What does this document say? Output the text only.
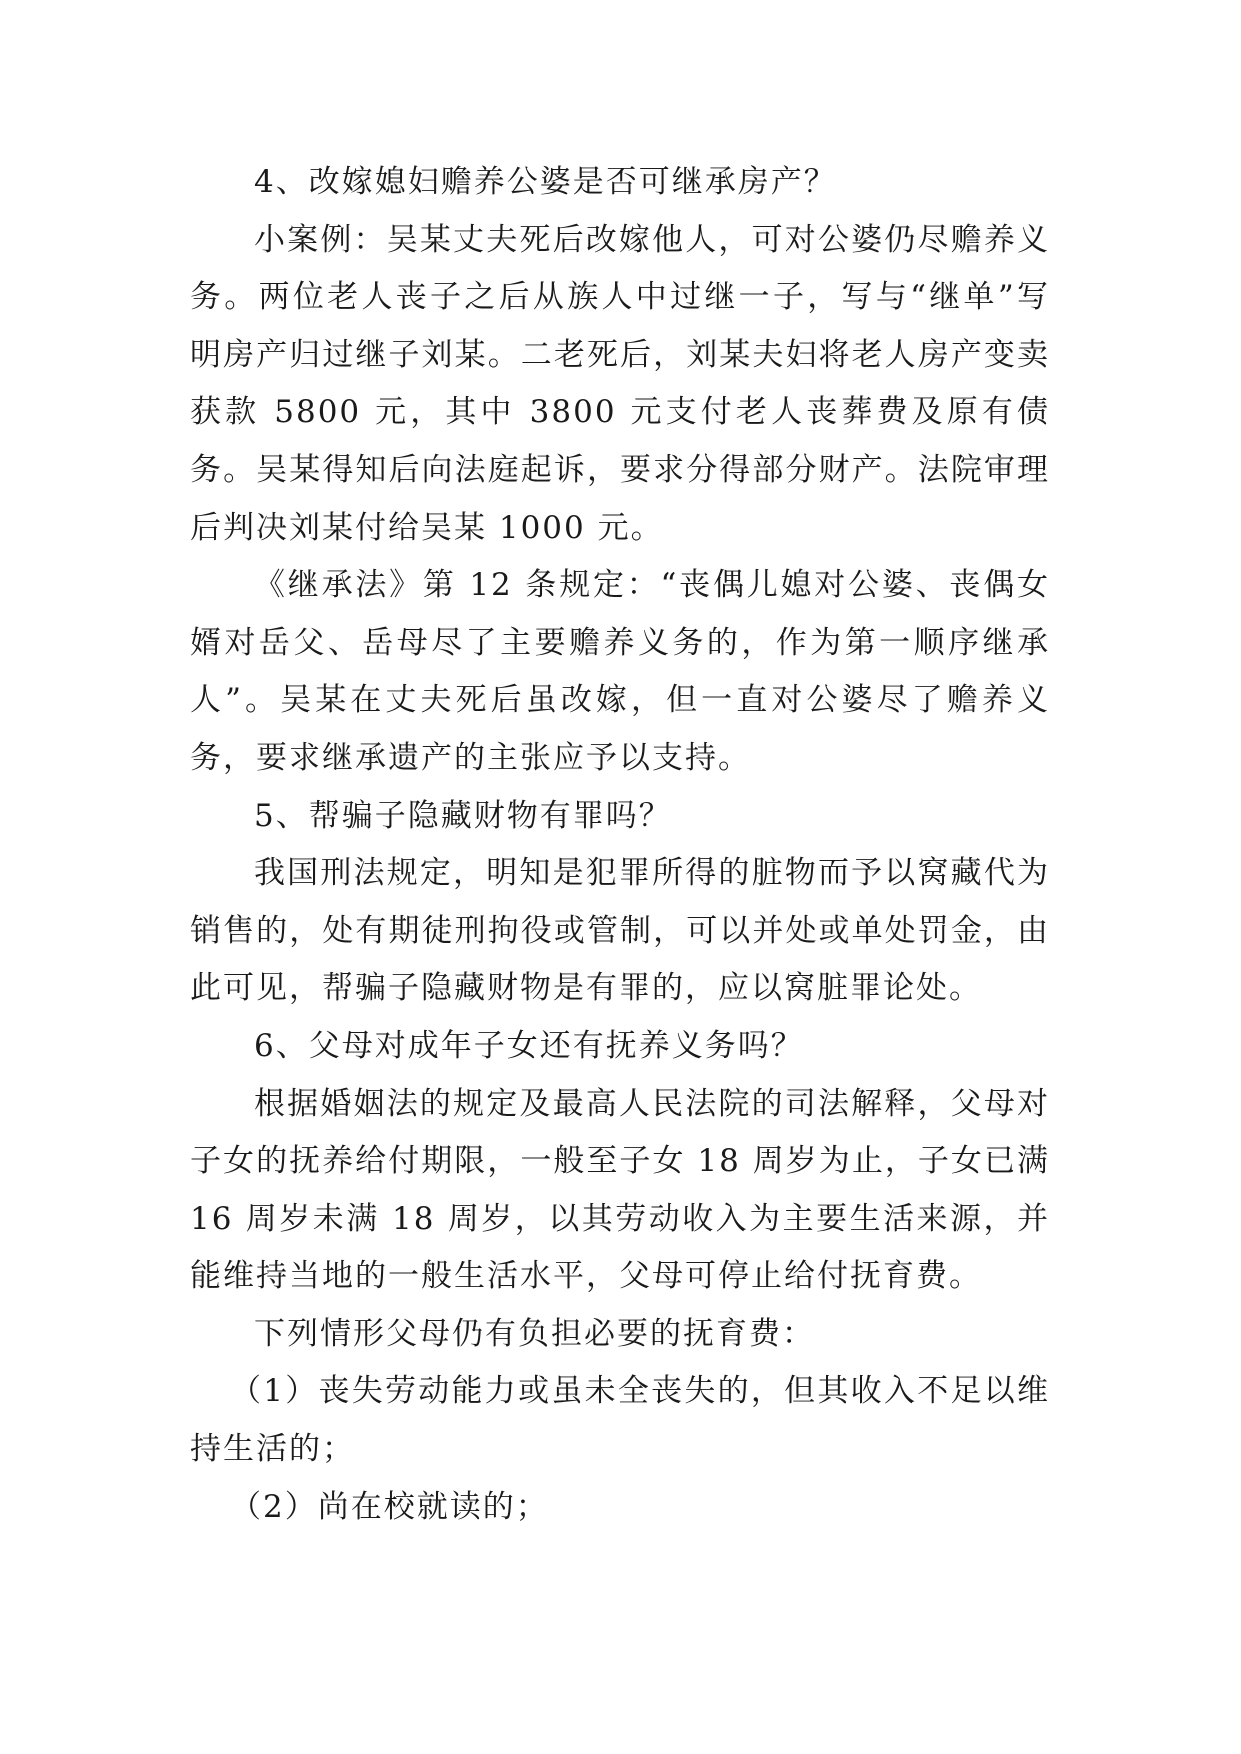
4、改嫁媳妇赡养公婆是否可继承房产？

小案例：吴某丈夫死后改嫁他人，可对公婆仍尽赡养义务。两位老人丧子之后从族人中过继一子，写与“继单”写明房产归过继子刘某。二老死后，刘某夫妇将老人房产变卖获款 5800 元，其中 3800 元支付老人丧葬费及原有债务。吴某得知后向法庭起诉，要求分得部分财产。法院审理后判决刘某付给吴某 1000 元。

《继承法》第 12 条规定：“丧偶儿媳对公婆、丧偶女婿对岳父、岳母尽了主要赡养义务的，作为第一顺序继承人”。吴某在丈夫死后虽改嫁，但一直对公婆尽了赡养义务，要求继承遗产的主张应予以支持。

5、帮骗子隐藏财物有罪吗？

我国刑法规定，明知是犯罪所得的脏物而予以窝藏代为销售的，处有期徒刑拘役或管制，可以并处或单处罚金，由此可见，帮骗子隐藏财物是有罪的，应以窝脏罪论处。

6、父母对成年子女还有抚养义务吗？

根据婚姻法的规定及最高人民法院的司法解释，父母对子女的抚养给付期限，一般至子女 18 周岁为止，子女已满 16 周岁未满 18 周岁，以其劳动收入为主要生活来源，并能维持当地的一般生活水平，父母可停止给付抚育费。

下列情形父母仍有负担必要的抚育费：

（1）丧失劳动能力或虽未全丧失的，但其收入不足以维持生活的；

（2）尚在校就读的；
